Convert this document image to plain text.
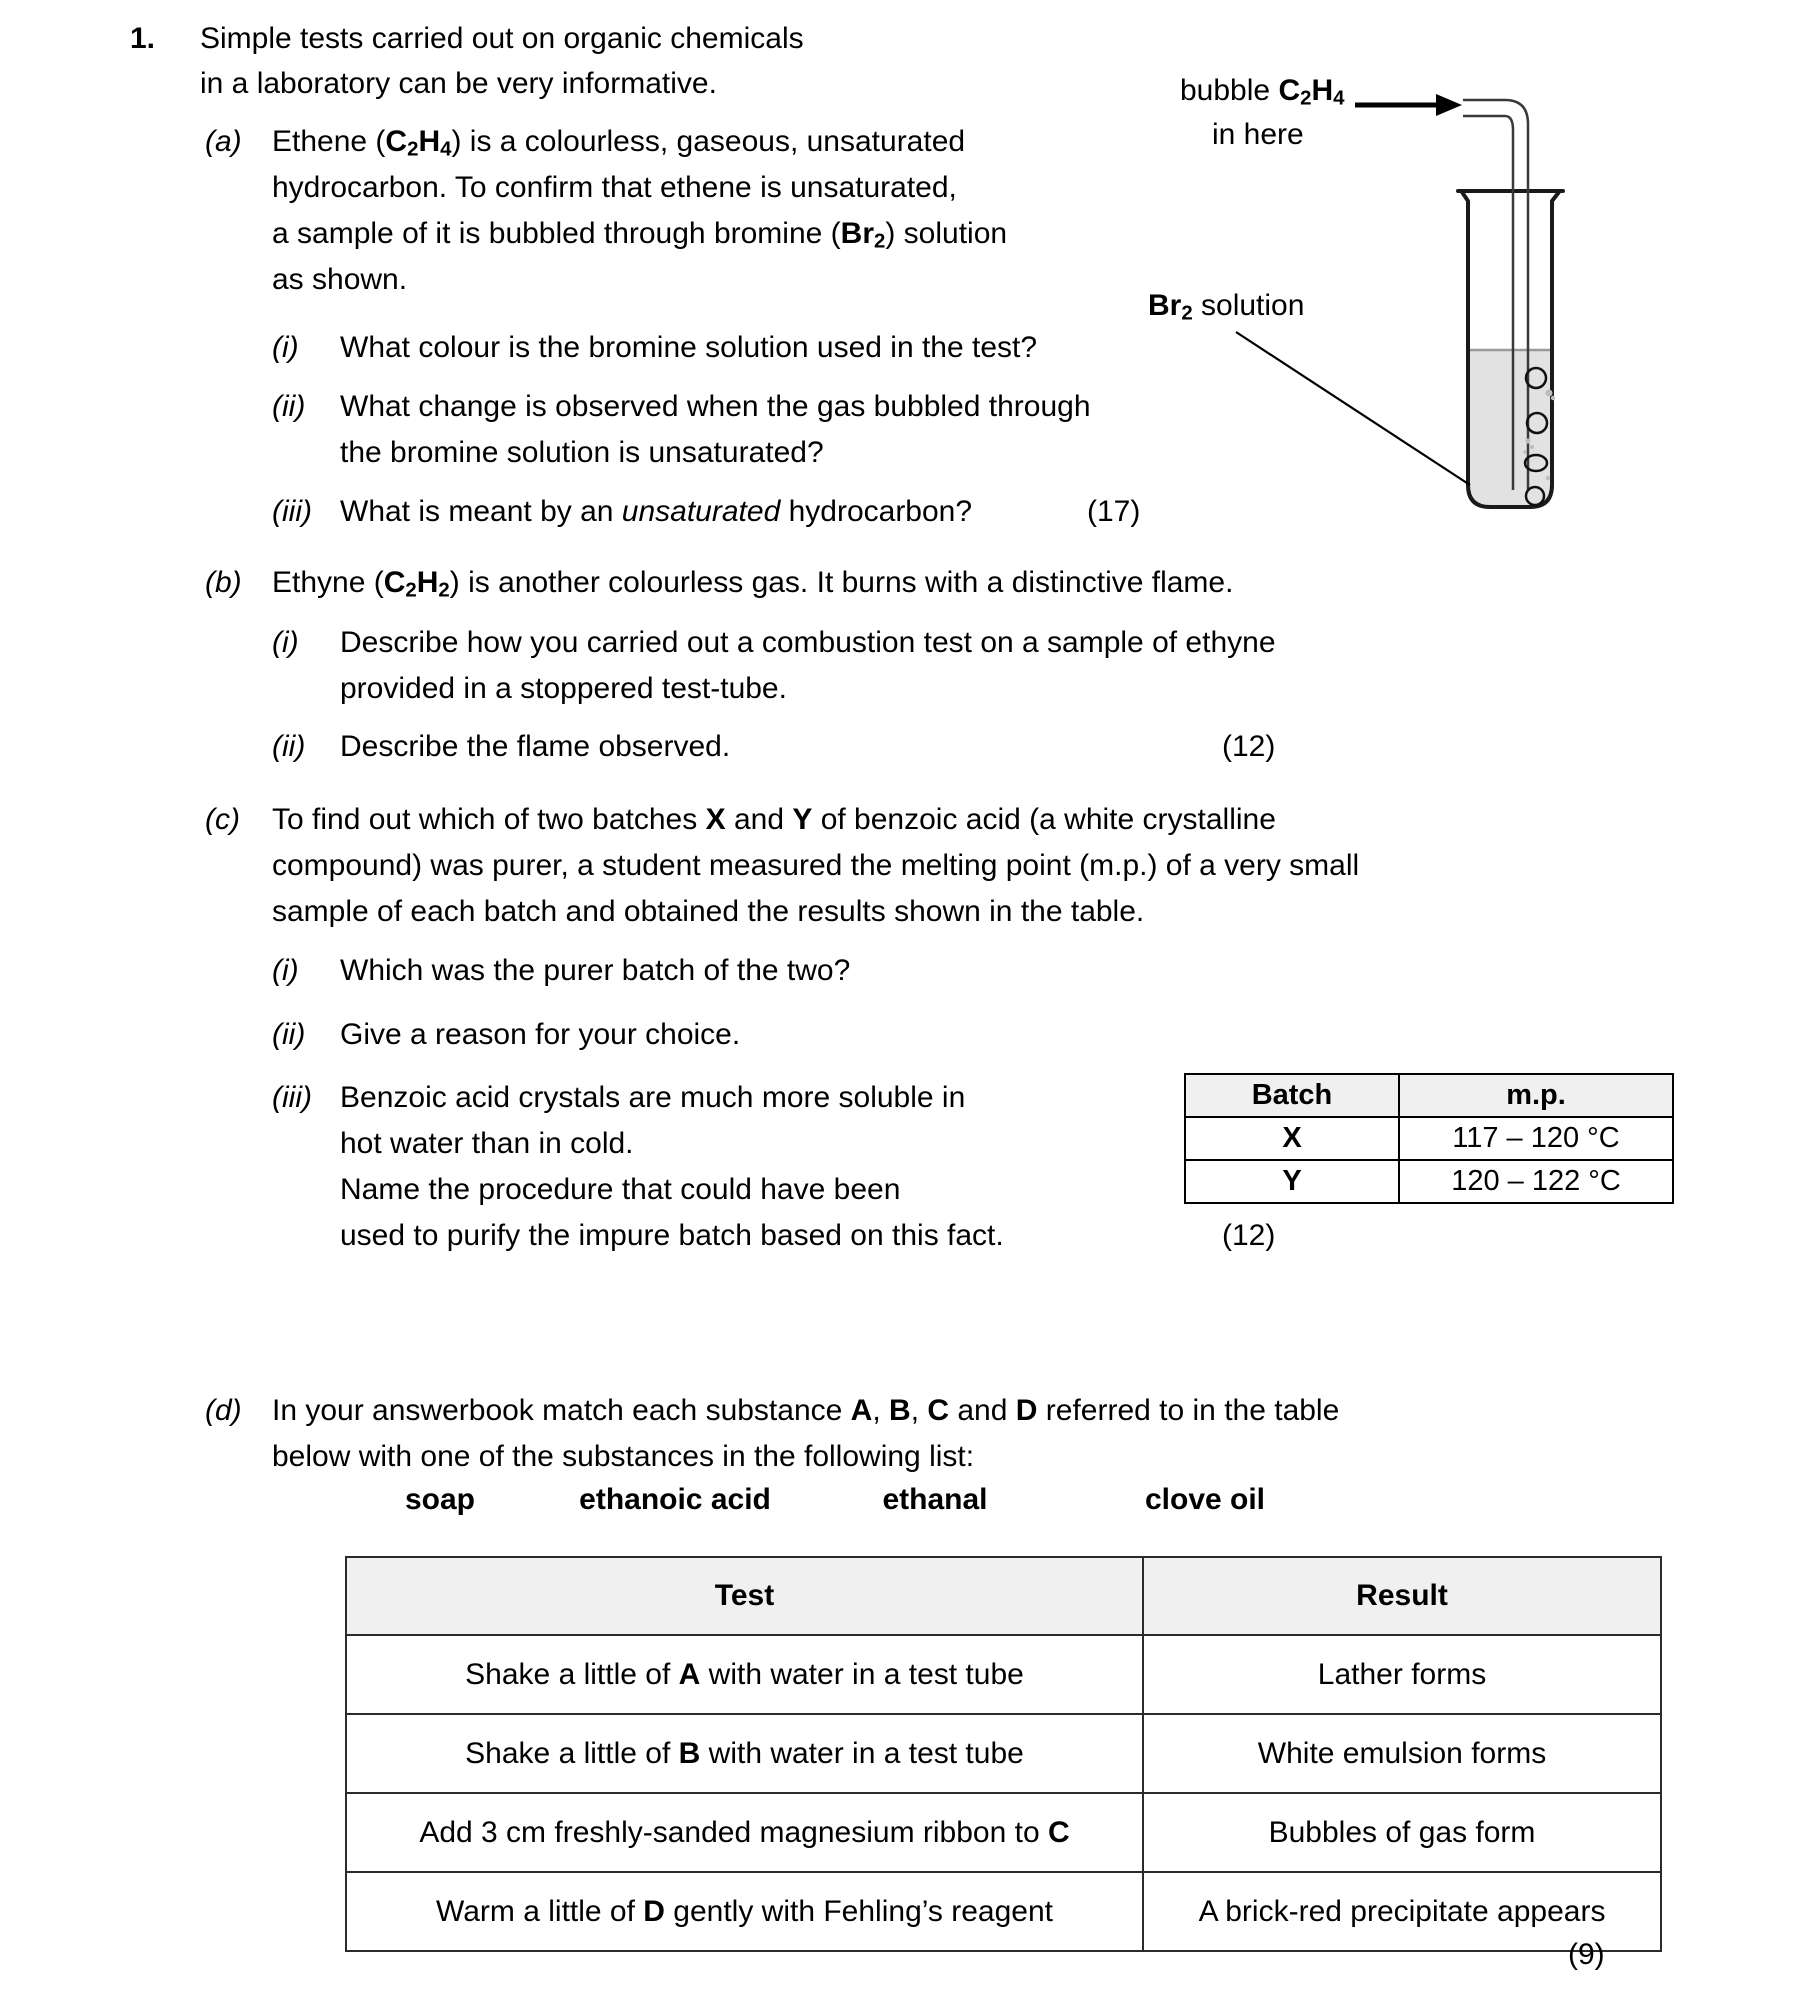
1. Simple tests carried out on organic chemicals
in a laboratory can be very informative.
(a) Ethene $(C_2H_4)$ is a colourless, gaseous, unsaturated
hydrocarbon. To confirm that ethene is unsaturated,
a sample of it is bubbled through bromine $(Br_2)$ solution
as shown.
(i) What colour is the bromine solution used in the test?
(ii) What change is observed when the gas bubbled through
the bromine solution is unsaturated?
(iii) What is meant by an unsaturated hydrocarbon?	(17)
(b) Ethyne $(C_2H_2)$ is another colourless gas. It burns with a distinctive flame.
(i) Describe how you carried out a combustion test on a sample of ethyne
provided in a stoppered test-tube.
(ii) Describe the flame observed.	(12)
(c) To find out which of two batches X and Y of benzoic acid (a white crystalline
compound) was purer, a student measured the melting point (m.p.) of a very small
sample of each batch and obtained the results shown in the table.
(i) Which was the purer batch of the two?
(ii) Give a reason for your choice.
(iii) Benzoic acid crystals are much more soluble in
hot water than in cold.
Name the procedure that could have been
used to purify the impure batch based on this fact.	(12)
Batch	m.p.
X	117 – 120 °C
Y	120 – 122 °C
(d) In your answerbook match each substance A, B, C and D referred to in the table
below with one of the substances in the following list:
soap	ethanoic acid	ethanal	clove oil
Test	Result
Shake a little of A with water in a test tube	Lather forms
Shake a little of B with water in a test tube	White emulsion forms
Add 3 cm freshly-sanded magnesium ribbon to C	Bubbles of gas form
Warm a little of D gently with Fehling’s reagent	A brick-red precipitate appears
(9)
bubble $C_2H_4$
in here
$Br_2$ solution
